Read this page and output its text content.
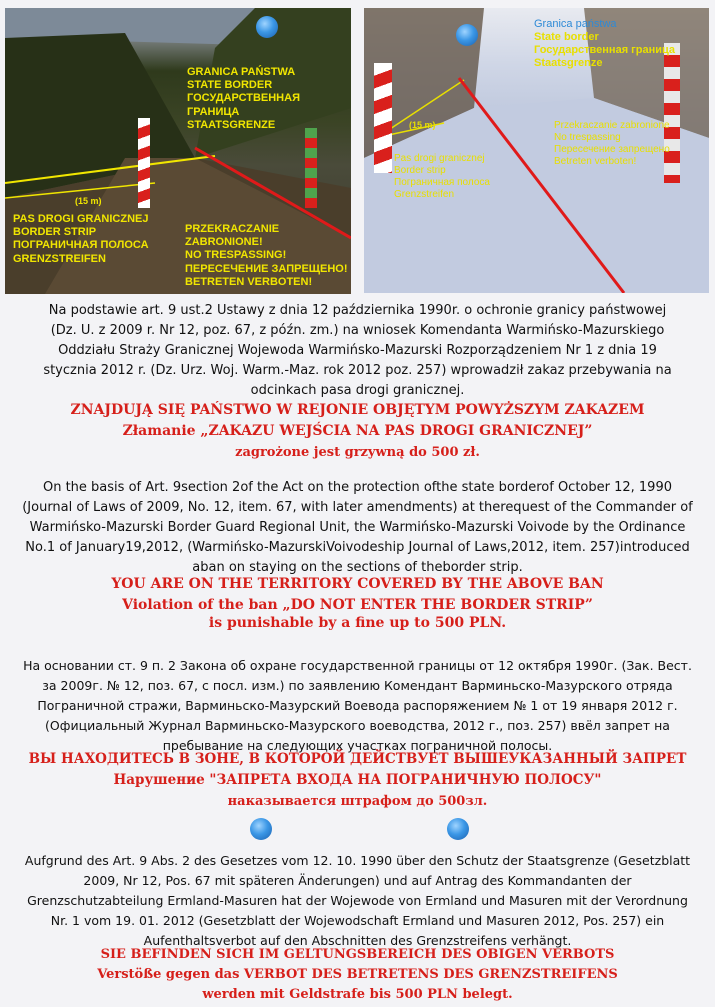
GRANICA PAŃSTWA
STATE BORDER
ГОСУДАРСТВЕННАЯ ГРАНИЦА
STAATSGRENZE
(15 m)
PAS DROGI GRANICZNEJ
BORDER STRIP
ПОГРАНИЧНАЯ ПОЛОСА
GRENZSTREIFEN
PRZEKRACZANIE ZABRONIONE!
NO TRESPASSING!
ПЕРЕСЕЧЕНИЕ ЗАПРЕЩЕНО!
BETRETEN VERBOTEN!
Granica państwa
State border
Государственная граница
Staatsgrenze
(15 m)
Pas drogi granicznej
Border strip
Пограничная полоса
Grenzstreifen
Przekraczanie zabronione
No trespassing
Пересечение запрещено
Betreten verboten!
Na podstawie art. 9 ust.2 Ustawy z dnia 12 października 1990r. o ochronie granicy państwowej (Dz. U. z 2009 r. Nr 12, poz. 67, z późn. zm.) na wniosek Komendanta Warmińsko-Mazurskiego Oddziału Straży Granicznej Wojewoda Warmińsko-Mazurski Rozporządzeniem Nr 1 z dnia 19 stycznia 2012 r. (Dz. Urz. Woj. Warm.-Maz. rok 2012 poz. 257) wprowadził zakaz przebywania na odcinkach pasa drogi granicznej.
ZNAJDUJĄ SIĘ PAŃSTWO W REJONIE OBJĘTYM POWYŻSZYM ZAKAZEM
Złamanie „ZAKAZU WEJŚCIA NA PAS DROGI GRANICZNEJ”
zagrożone jest grzywną do 500 zł.
On the basis of Art. 9section 2of the Act on the protection ofthe state borderof October 12, 1990 (Journal of Laws of 2009, No. 12, item. 67, with later amendments) at therequest of the Commander of Warmińsko-Mazurski Border Guard Regional Unit, the Warmińsko-Mazurski Voivode by the Ordinance No.1 of January19,2012, (Warmińsko-MazurskiVoivodeship Journal of Laws,2012, item. 257)introduced aban on staying on the sections of theborder strip.
YOU ARE ON THE TERRITORY COVERED BY THE ABOVE BAN
Violation of the ban „DO NOT ENTER THE BORDER STRIP”
is punishable by a fine up to 500 PLN.
На основании ст. 9 п. 2 Закона об охране государственной границы от 12 октября 1990г. (Зак. Вест. за 2009г. № 12, поз. 67, с посл. изм.) по заявлению Комендант Варминьско-Мазурского отряда Пограничной стражи, Варминьско-Мазурский Воевода распоряжением № 1 от 19 января 2012 г. (Официальный Журнал Варминьско-Мазурского воеводства, 2012 г., поз. 257) ввёл запрет на пребывание на следующих участках пограничной полосы.
ВЫ НАХОДИТЕСЬ В ЗОНЕ, В КОТОРОЙ ДЕЙСТВУЕТ ВЫШЕУКАЗАННЫЙ ЗАПРЕТ
Нарушение "ЗАПРЕТА ВХОДА НА ПОГРАНИЧНУЮ ПОЛОСУ"
наказывается штрафом до 500зл.
Aufgrund des Art. 9 Abs. 2 des Gesetzes vom 12. 10. 1990 über den Schutz der Staatsgrenze (Gesetzblatt 2009, Nr 12, Pos. 67 mit späteren Änderungen) und auf Antrag des Kommandanten der Grenzschutzabteilung Ermland-Masuren hat der Wojewode von Ermland und Masuren mit der Verordnung Nr. 1 vom 19. 01. 2012 (Gesetzblatt der Wojewodschaft Ermland und Masuren 2012, Pos. 257) ein Aufenthaltsverbot auf den Abschnitten des Grenzstreifens verhängt.
SIE BEFINDEN SICH IM GELTUNGSBEREICH DES OBIGEN VERBOTS
Verstöße gegen das VERBOT DES BETRETENS DES GRENZSTREIFENS
werden mit Geldstrafe bis 500 PLN belegt.
